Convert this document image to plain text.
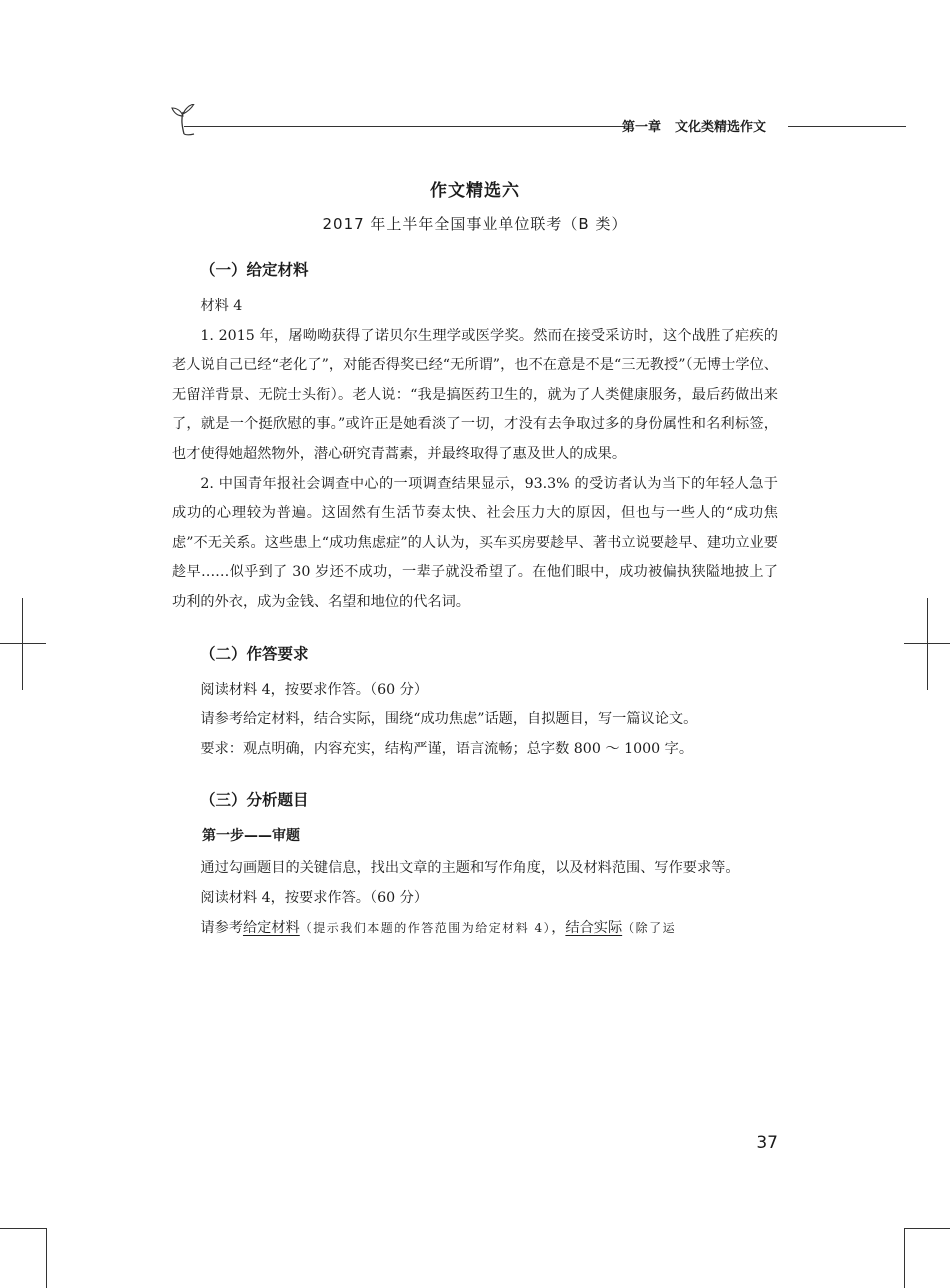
第一章 文化类精选作文
作文精选六
2017 年上半年全国事业单位联考（B 类）
（一）给定材料

材料 4

1. 2015 年，屠呦呦获得了诺贝尔生理学或医学奖。然而在接受采访时，这个战胜了疟疾的老人说自己已经“老化了”，对能否得奖已经“无所谓”，也不在意是不是“三无教授”（无博士学位、无留洋背景、无院士头衔）。老人说：“我是搞医药卫生的，就为了人类健康服务，最后药做出来了，就是一个挺欣慰的事。”或许正是她看淡了一切，才没有去争取过多的身份属性和名利标签，也才使得她超然物外，潜心研究青蒿素，并最终取得了惠及世人的成果。

2. 中国青年报社会调查中心的一项调查结果显示，93.3% 的受访者认为当下的年轻人急于成功的心理较为普遍。这固然有生活节奏太快、社会压力大的原因，但也与一些人的“成功焦虑”不无关系。这些患上“成功焦虑症”的人认为，买车买房要趁早、著书立说要趁早、建功立业要趁早……似乎到了 30 岁还不成功，一辈子就没希望了。在他们眼中，成功被偏执狭隘地披上了功利的外衣，成为金钱、名望和地位的代名词。

（二）作答要求

阅读材料 4，按要求作答。（60 分）

请参考给定材料，结合实际，围绕“成功焦虑”话题，自拟题目，写一篇议论文。

要求：观点明确，内容充实，结构严谨，语言流畅；总字数 800 ～ 1000 字。

（三）分析题目
第一步——审题

通过勾画题目的关键信息，找出文章的主题和写作角度，以及材料范围、写作要求等。

阅读材料 4，按要求作答。（60 分）

请参考给定材料（提示我们本题的作答范围为给定材料 4），结合实际（除了运

37
